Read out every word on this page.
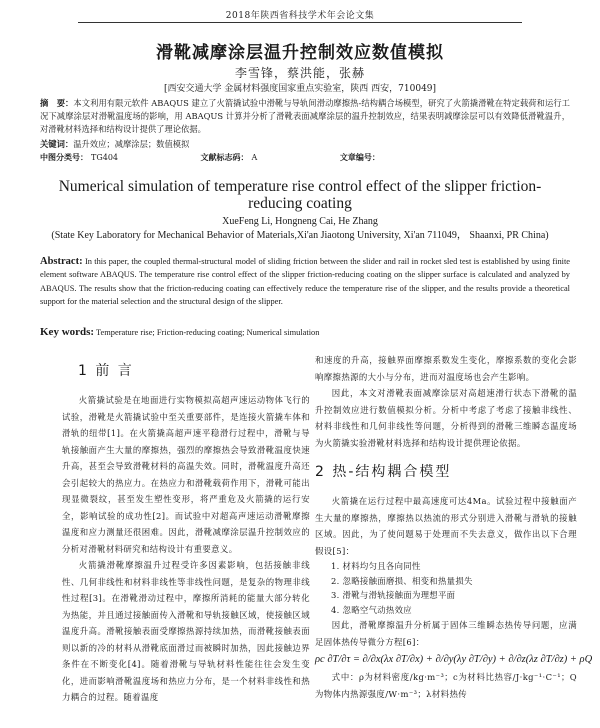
2018年陕西省科技学术年会论文集
滑靴减摩涂层温升控制效应数值模拟
李雪锋，蔡洪能，张赫
[西安交通大学 金属材料强度国家重点实验室，陕西 西安，710049]
摘　要：本文利用有限元软件 ABAQUS 建立了火箭撬试验中滑靴与导轨间滑动摩擦热-结构耦合场模型，研究了火箭撬滑靴在特定载荷和运行工况下减摩涂层对滑靴温度场的影响，用 ABAQUS 计算并分析了滑靴表面减摩涂层的温升控制效应，结果表明减摩涂层可以有效降低滑靴温升，对滑靴材料选择和结构设计提供了理论依据。
关键词：温升效应；减摩涂层；数值模拟
中图分类号： TG404	文献标志码： A	文章编号：
Numerical simulation of temperature rise control effect of the slipper friction-reducing coating
XueFeng Li, Hongneng Cai, He Zhang
(State Key Laboratory for Mechanical Behavior of Materials,Xi'an Jiaotong University, Xi'an 711049， Shaanxi, PR China)
Abstract: In this paper, the coupled thermal-structural model of sliding friction between the slider and rail in rocket sled test is established by using finite element software ABAQUS. The temperature rise control effect of the slipper friction-reducing coating on the slipper surface is calculated and analyzed by ABAQUS. The results show that the friction-reducing coating can effectively reduce the temperature rise of the slipper, and the results provide a theoretical support for the material selection and the structural design of the slipper.
Key words: Temperature rise; Friction-reducing coating; Numerical simulation
1 前 言

火箭撬试验是在地面进行实物模拟高超声速运动物体飞行的试验，滑靴是火箭撬试验中至关重要部件，是连接火箭撬车体和滑轨的纽带[1]。在火箭撬高超声速平稳滑行过程中，滑靴与导轨接触面产生大量的摩擦热，强烈的摩擦热会导致滑靴温度快速升高，甚至会导致滑靴材料的高温失效。同时，滑靴温度升高还会引起较大的热应力。在热应力和滑靴载荷作用下，滑靴可能出现显微裂纹，甚至发生塑性变形，将严重危及火箭撬的运行安全，影响试验的成功性[2]。而试验中对超高声速运动滑靴摩擦温度和应力测量还很困难。因此，滑靴减摩涂层温升控制效应的分析对滑靴材料研究和结构设计有重要意义。

火箭撬滑靴摩擦温升过程受许多因素影响，包括接触非线性、几何非线性和材料非线性等非线性问题，是复杂的物理非线性过程[3]。在滑靴滑动过程中，摩擦所消耗的能量大部分转化为热能，并且通过接触面传入滑靴和导轨接触区域，使接触区域温度升高。滑靴接触表面受摩擦热源持续加热，而滑靴接触表面则以新的冷的材料从滑靴底面滑过而被瞬时加热，因此接触边界条件在不断变化[4]。随着滑靴与导轨材料性能往往会发生变化，进而影响滑靴温度场和热应力分布，是一个材料非线性和热力耦合的过程。随着温度

和速度的升高，接触界面摩擦系数发生变化，摩擦系数的变化会影响摩擦热源的大小与分布，进而对温度场也会产生影响。

因此，本文对滑靴表面减摩涂层对高超速滑行状态下滑靴的温升控制效应进行数值模拟分析。分析中考虑了考虑了接触非线性、材料非线性和几何非线性等问题，分析得到的滑靴三维瞬态温度场为火箭撬实验滑靴材料选择和结构设计提供理论依据。

2 热-结构耦合模型

火箭撬在运行过程中最高速度可达4Ma。试验过程中接触面产生大量的摩擦热，摩擦热以热流的形式分别进入滑靴与滑轨的接触区域。因此，为了使问题易于处理而不失去意义，做作出以下合理假设[5]：

1. 材料均匀且各向同性
2. 忽略接触面磨损、相变和热量损失
3. 滑靴与滑轨接触面为理想平面
4. 忽略空气动热效应

因此，滑靴摩擦温升分析属于固体三维瞬态热传导问题，应满足固体热传导微分方程[6]：

ρc ∂T/∂τ = ∂/∂x(λx ∂T/∂x) + ∂/∂y(λy ∂T/∂y) + ∂/∂z(λz ∂T/∂z) + ρQ

式中：ρ为材料密度/kg·m⁻³；c为材料比热容/J·kg⁻¹·C⁻¹；Q为物体内热源强度/W·m⁻³；λ材料热传
